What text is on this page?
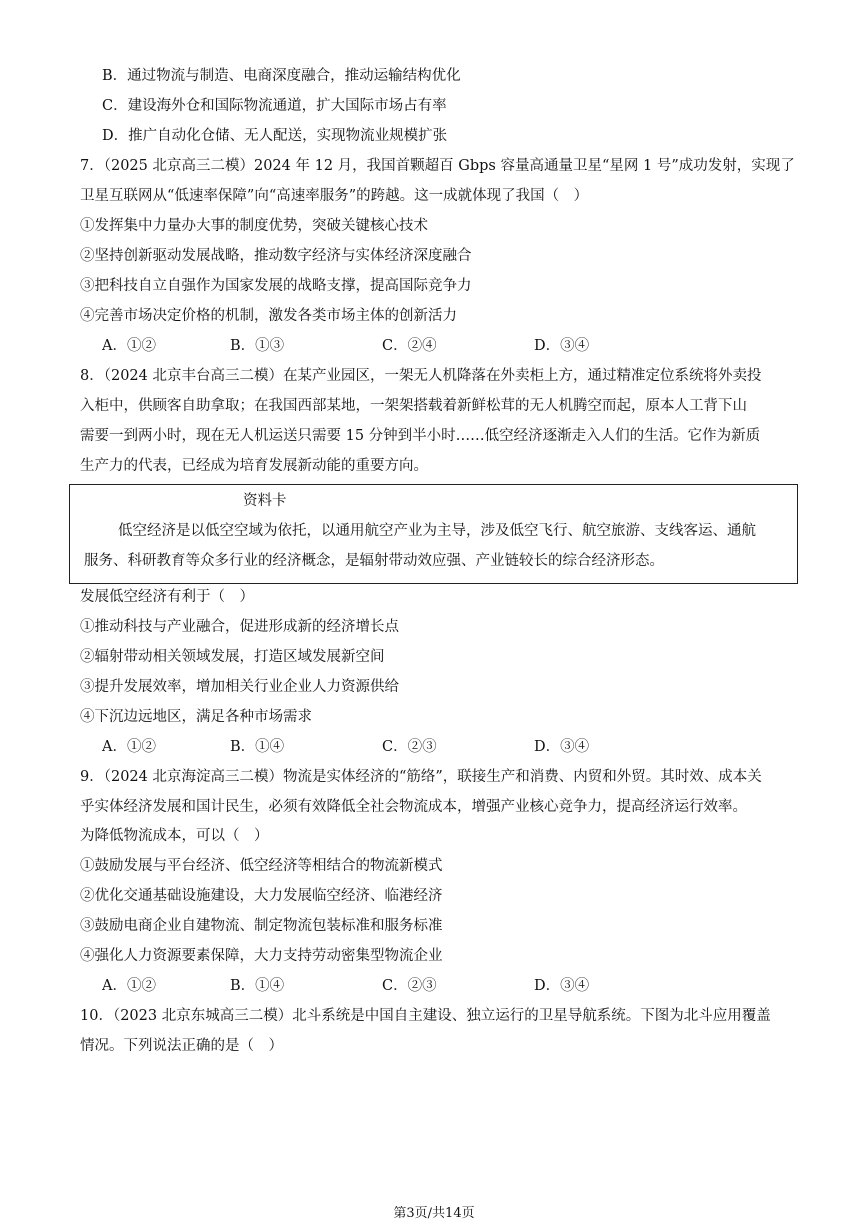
B．通过物流与制造、电商深度融合，推动运输结构优化
C．建设海外仓和国际物流通道，扩大国际市场占有率
D．推广自动化仓储、无人配送，实现物流业规模扩张
7．（2025 北京高三二模）2024 年 12 月，我国首颗超百 Gbps 容量高通量卫星“星网 1 号”成功发射，实现了
卫星互联网从“低速率保障”向“高速率服务”的跨越。这一成就体现了我国（　）
①发挥集中力量办大事的制度优势，突破关键核心技术
②坚持创新驱动发展战略，推动数字经济与实体经济深度融合
③把科技自立自强作为国家发展的战略支撑，提高国际竞争力
④完善市场决定价格的机制，激发各类市场主体的创新活力
A．①②	B．①③	C．②④	D．③④
8．（2024 北京丰台高三二模）在某产业园区，一架无人机降落在外卖柜上方，通过精准定位系统将外卖投
入柜中，供顾客自助拿取；在我国西部某地，一架架搭载着新鲜松茸的无人机腾空而起，原本人工背下山
需要一到两小时，现在无人机运送只需要 15 分钟到半小时……低空经济逐渐走入人们的生活。它作为新质
生产力的代表，已经成为培育发展新动能的重要方向。
资料卡
低空经济是以低空空域为依托，以通用航空产业为主导，涉及低空飞行、航空旅游、支线客运、通航
服务、科研教育等众多行业的经济概念，是辐射带动效应强、产业链较长的综合经济形态。
发展低空经济有利于（　）
①推动科技与产业融合，促进形成新的经济增长点
②辐射带动相关领域发展，打造区域发展新空间
③提升发展效率，增加相关行业企业人力资源供给
④下沉边远地区，满足各种市场需求
A．①②	B．①④	C．②③	D．③④
9．（2024 北京海淀高三二模）物流是实体经济的“筋络”，联接生产和消费、内贸和外贸。其时效、成本关
乎实体经济发展和国计民生，必须有效降低全社会物流成本，增强产业核心竞争力，提高经济运行效率。
为降低物流成本，可以（　）
①鼓励发展与平台经济、低空经济等相结合的物流新模式
②优化交通基础设施建设，大力发展临空经济、临港经济
③鼓励电商企业自建物流、制定物流包装标准和服务标准
④强化人力资源要素保障，大力支持劳动密集型物流企业
A．①②	B．①④	C．②③	D．③④
10．（2023 北京东城高三二模）北斗系统是中国自主建设、独立运行的卫星导航系统。下图为北斗应用覆盖
情况。下列说法正确的是（　）
第3页/共14页
